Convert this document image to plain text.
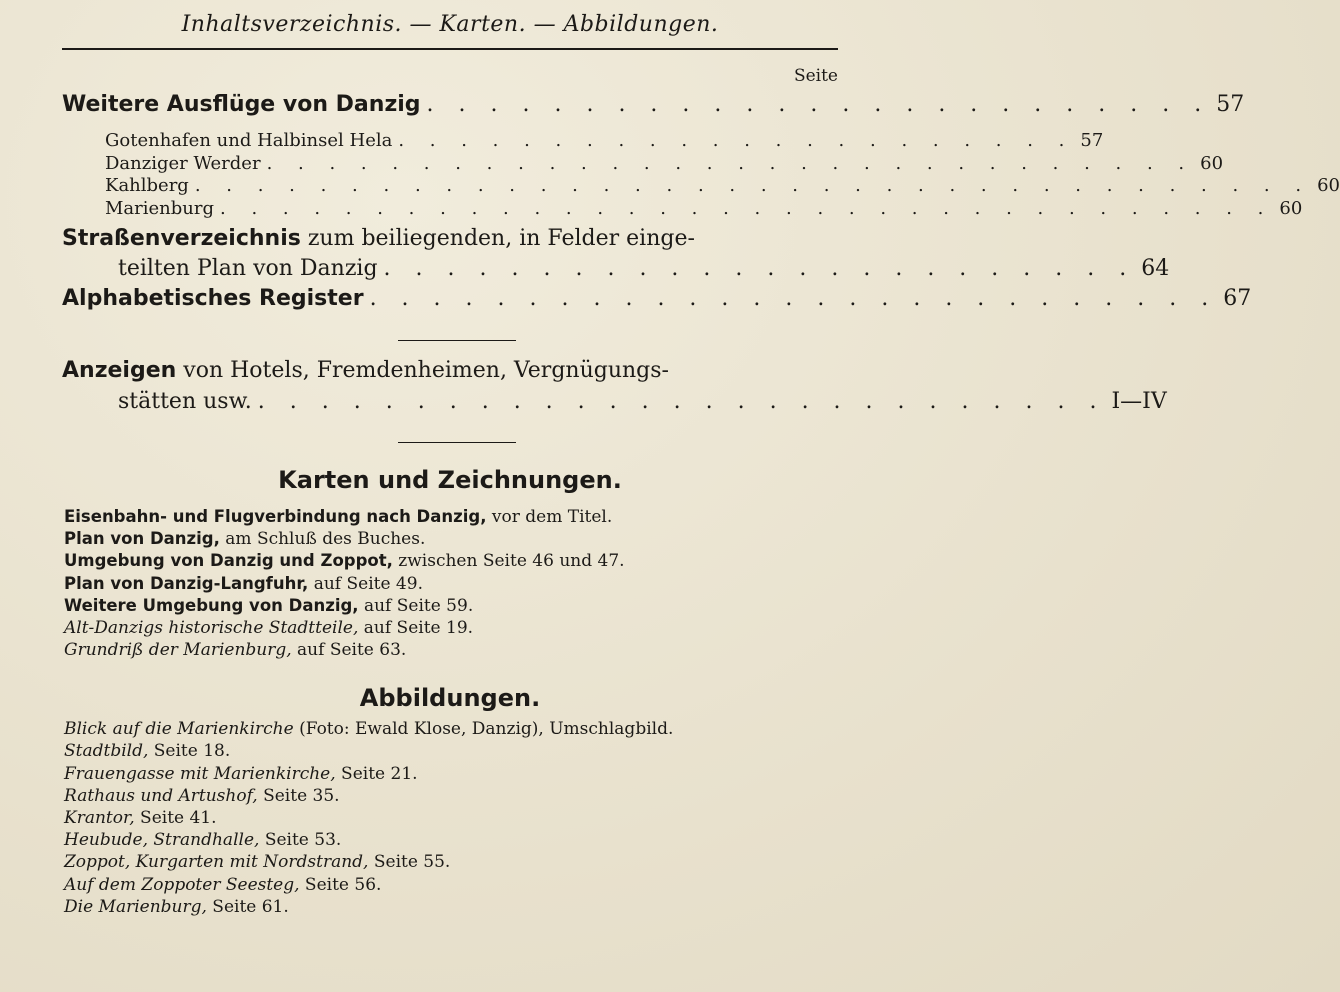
Inhaltsverzeichnis. — Karten. — Abbildungen.
Seite
Weitere Ausflüge von Danzig . . . . . . . . . . . . . . . . . . . . . . . . . 57
Gotenhafen und Halbinsel Hela . . . . . . . . . . . . . . . . . . . . . . 57
Danziger Werder . . . . . . . . . . . . . . . . . . . . . . . . . . . . . . 60
Kahlberg . . . . . . . . . . . . . . . . . . . . . . . . . . . . . . . . . . . . 60
Marienburg . . . . . . . . . . . . . . . . . . . . . . . . . . . . . . . . . . 60
Straßenverzeichnis zum beiliegenden, in Felder einge-
teilten Plan von Danzig . . . . . . . . . . . . . . . . . . . . . . . . 64
Alphabetisches Register . . . . . . . . . . . . . . . . . . . . . . . . . . . 67
Anzeigen von Hotels, Fremdenheimen, Vergnügungs-
stätten usw. . . . . . . . . . . . . . . . . . . . . . . . . . . . I—IV
Karten und Zeichnungen.
Eisenbahn- und Flugverbindung nach Danzig, vor dem Titel.
Plan von Danzig, am Schluß des Buches.
Umgebung von Danzig und Zoppot, zwischen Seite 46 und 47.
Plan von Danzig-Langfuhr, auf Seite 49.
Weitere Umgebung von Danzig, auf Seite 59.
Alt-Danzigs historische Stadtteile, auf Seite 19.
Grundriß der Marienburg, auf Seite 63.
Abbildungen.
Blick auf die Marienkirche (Foto: Ewald Klose, Danzig), Umschlagbild.
Stadtbild, Seite 18.
Frauengasse mit Marienkirche, Seite 21.
Rathaus und Artushof, Seite 35.
Krantor, Seite 41.
Heubude, Strandhalle, Seite 53.
Zoppot, Kurgarten mit Nordstrand, Seite 55.
Auf dem Zoppoter Seesteg, Seite 56.
Die Marienburg, Seite 61.
